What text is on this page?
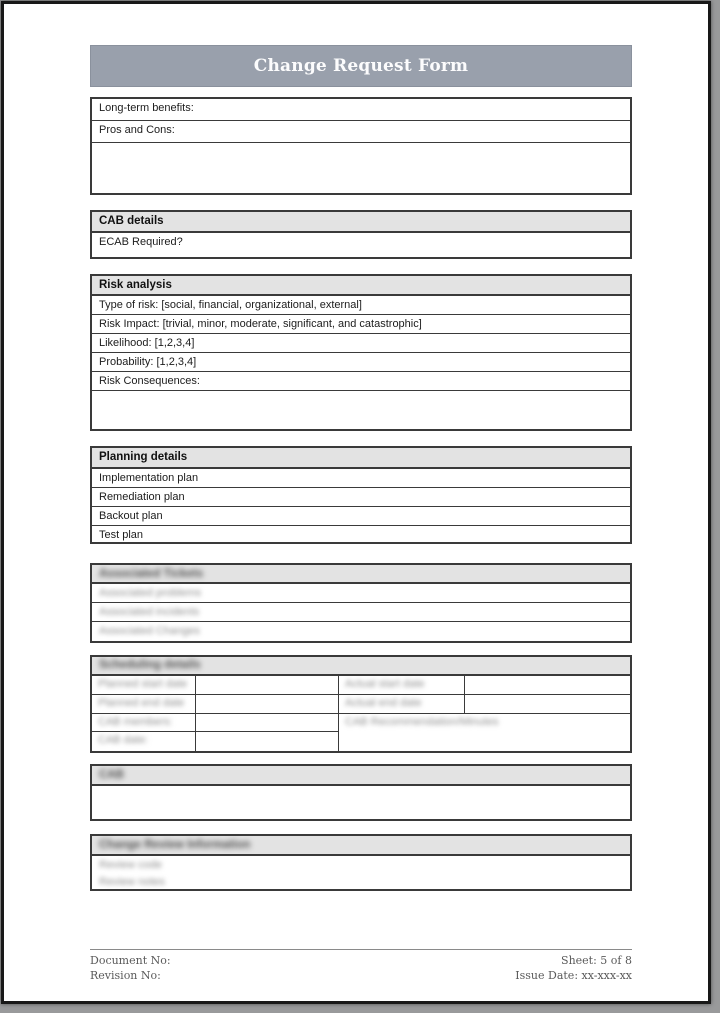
Change Request Form
Long-term benefits:
Pros and Cons:
CAB details
ECAB Required?
Risk analysis
Type of risk: [social, financial, organizational, external]
Risk Impact: [trivial, minor, moderate, significant, and catastrophic]
Likelihood: [1,2,3,4]
Probability: [1,2,3,4]
Risk Consequences:
Planning details
Implementation plan
Remediation plan
Backout plan
Test plan
Associated Tickets
Associated problems
Associated incidents
Associated Changes
Scheduling details
Planned start date	Actual start date
Planned end date	Actual end date
CAB members:	CAB Recommendation/Minutes
CAB date:
CAB
Change Review Information
Review code
Review notes
Document No:
Revision No:
Sheet: 5 of 8
Issue Date: xx-xxx-xx
